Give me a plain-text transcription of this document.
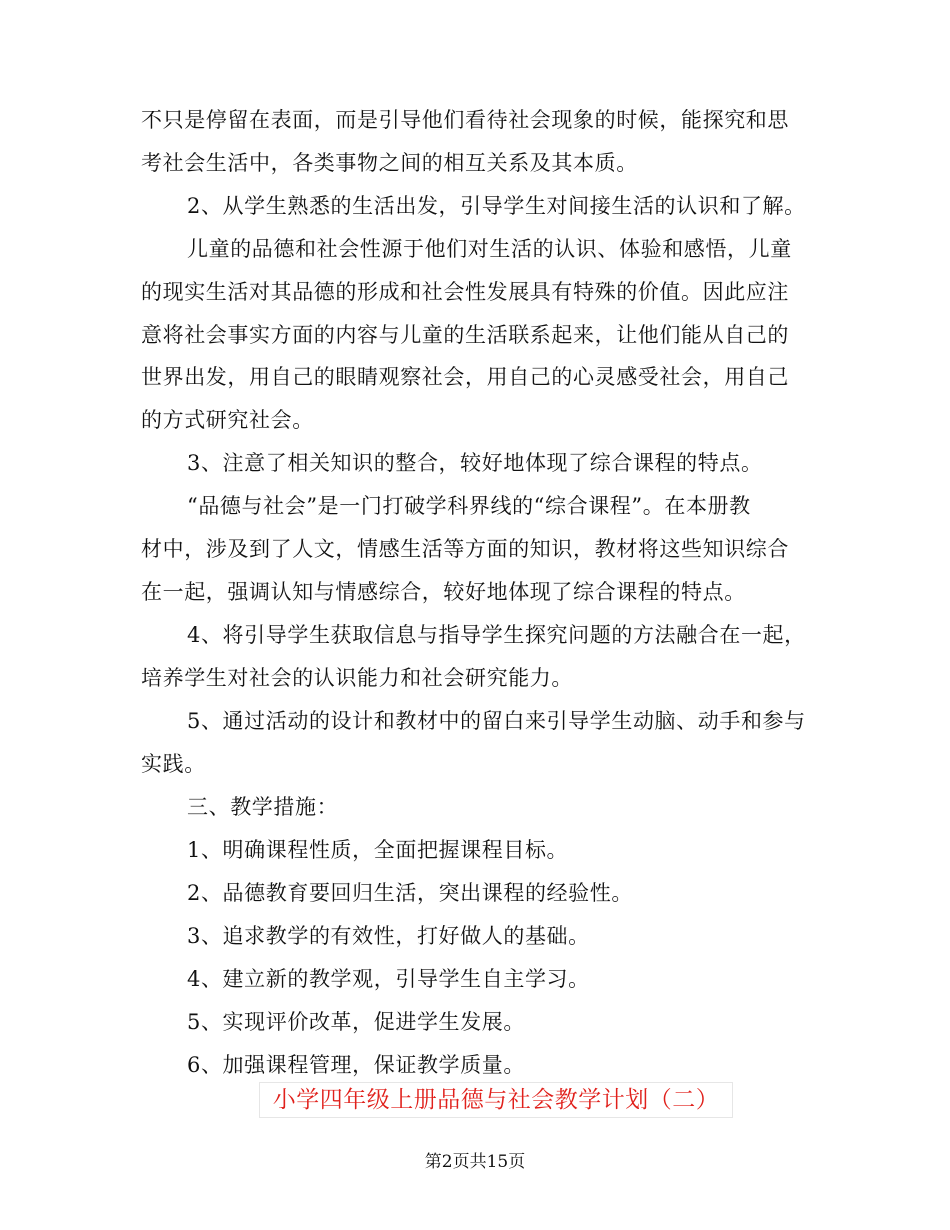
不只是停留在表面，而是引导他们看待社会现象的时候，能探究和思
考社会生活中，各类事物之间的相互关系及其本质。
2、从学生熟悉的生活出发，引导学生对间接生活的认识和了解。
儿童的品德和社会性源于他们对生活的认识、体验和感悟，儿童
的现实生活对其品德的形成和社会性发展具有特殊的价值。因此应注
意将社会事实方面的内容与儿童的生活联系起来，让他们能从自己的
世界出发，用自己的眼睛观察社会，用自己的心灵感受社会，用自己
的方式研究社会。
3、注意了相关知识的整合，较好地体现了综合课程的特点。
“品德与社会”是一门打破学科界线的“综合课程”。在本册教
材中，涉及到了人文，情感生活等方面的知识，教材将这些知识综合
在一起，强调认知与情感综合，较好地体现了综合课程的特点。
4、将引导学生获取信息与指导学生探究问题的方法融合在一起，
培养学生对社会的认识能力和社会研究能力。
5、通过活动的设计和教材中的留白来引导学生动脑、动手和参与
实践。
三、教学措施：
1、明确课程性质，全面把握课程目标。
2、品德教育要回归生活，突出课程的经验性。
3、追求教学的有效性，打好做人的基础。
4、建立新的教学观，引导学生自主学习。
5、实现评价改革，促进学生发展。
6、加强课程管理，保证教学质量。
小学四年级上册品德与社会教学计划（二）
第2页共15页
